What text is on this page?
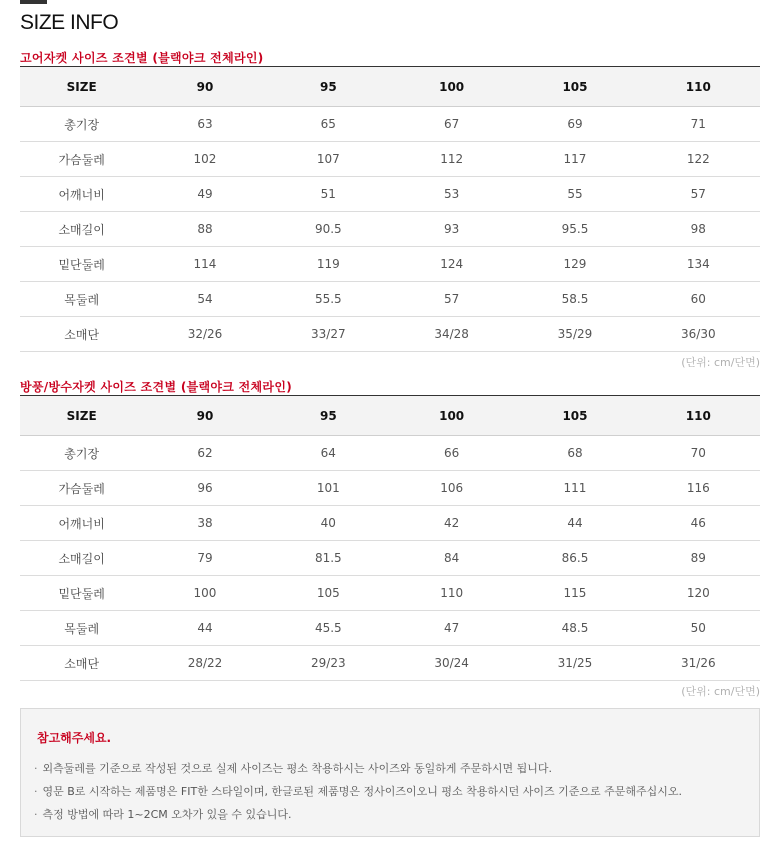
SIZE INFO
고어자켓 사이즈 조견별 (블랙야크 전체라인)
SIZE	90	95	100	105	110
총기장	63	65	67	69	71
가슴둘레	102	107	112	117	122
어깨너비	49	51	53	55	57
소매길이	88	90.5	93	95.5	98
밑단둘레	114	119	124	129	134
목둘레	54	55.5	57	58.5	60
소매단	32/26	33/27	34/28	35/29	36/30
(단위: cm/단면)
방풍/방수자켓 사이즈 조견별 (블랙야크 전체라인)
SIZE	90	95	100	105	110
총기장	62	64	66	68	70
가슴둘레	96	101	106	111	116
어깨너비	38	40	42	44	46
소매길이	79	81.5	84	86.5	89
밑단둘레	100	105	110	115	120
목둘레	44	45.5	47	48.5	50
소매단	28/22	29/23	30/24	31/25	31/26
(단위: cm/단면)
참고해주세요.
· 외측둘레를 기준으로 작성된 것으로 실제 사이즈는 평소 착용하시는 사이즈와 동일하게 주문하시면 됩니다.
· 영문 B로 시작하는 제품명은 FIT한 스타일이며, 한글로된 제품명은 정사이즈이오니 평소 착용하시던 사이즈 기준으로 주문해주십시오.
· 측정 방법에 따라 1~2CM 오차가 있을 수 있습니다.
